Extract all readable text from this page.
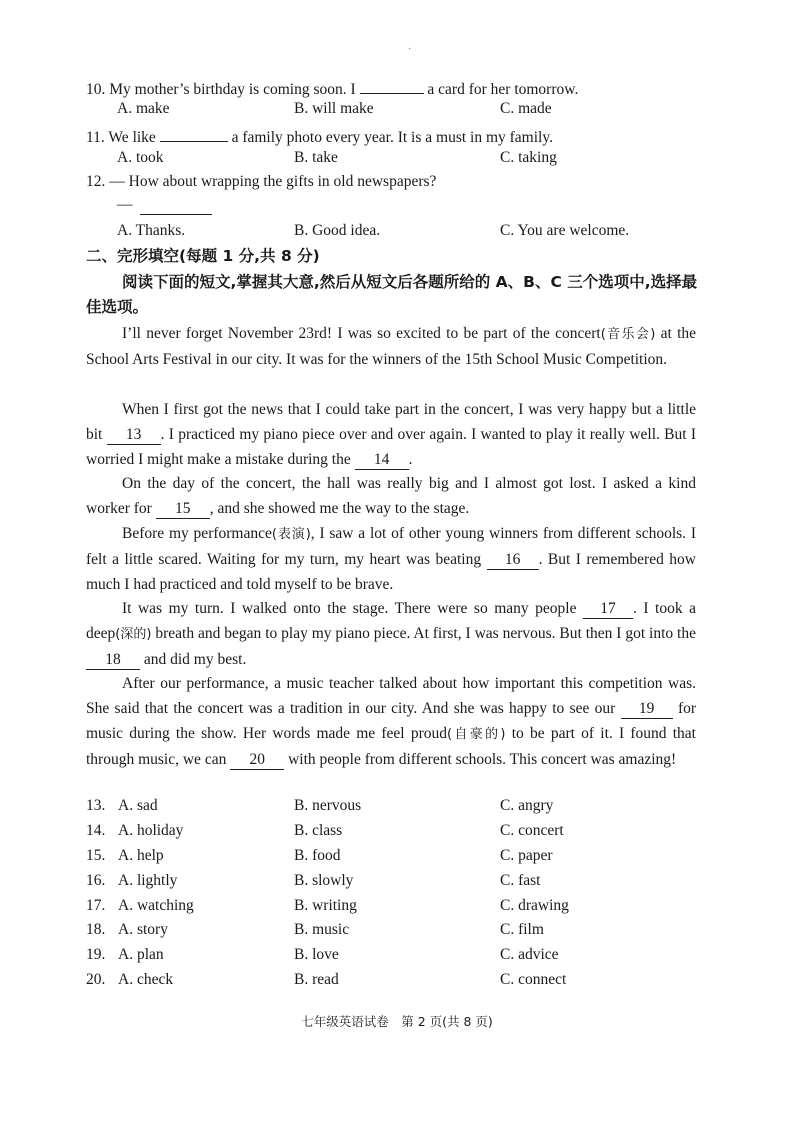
·
10. My mother’s birthday is coming soon. I	a card for her tomorrow.
A. make	B. will make	C. made
11. We like	a family photo every year. It is a must in my family.
A. took	B. take	C. taking
12. — How about wrapping the gifts in old newspapers?
—
A. Thanks.	B. Good idea.	C. You are welcome.
二、完形填空(每题 1 分,共 8 分)
阅读下面的短文,掌握其大意,然后从短文后各题所给的 A、B、C 三个选项中,选择最佳选项。
I’ll never forget November 23rd! I was so excited to be part of the concert(音乐会) at the School Arts Festival in our city. It was for the winners of the 15th School Music Competition.
When I first got the news that I could take part in the concert, I was very happy but a little bit 13 . I practiced my piano piece over and over again. I wanted to play it really well. But I worried I might make a mistake during the 14 .
On the day of the concert, the hall was really big and I almost got lost. I asked a kind worker for 15 , and she showed me the way to the stage.
Before my performance(表演), I saw a lot of other young winners from different schools. I felt a little scared. Waiting for my turn, my heart was beating 16 . But I remembered how much I had practiced and told myself to be brave.
It was my turn. I walked onto the stage. There were so many people 17 . I took a deep(深的) breath and began to play my piano piece. At first, I was nervous. But then I got into the 18 and did my best.
After our performance, a music teacher talked about how important this competition was. She said that the concert was a tradition in our city. And she was happy to see our 19 for music during the show. Her words made me feel proud(自豪的) to be part of it. I found that through music, we can 20 with people from different schools. This concert was amazing!
13. A. sad	B. nervous	C. angry
14. A. holiday	B. class	C. concert
15. A. help	B. food	C. paper
16. A. lightly	B. slowly	C. fast
17. A. watching	B. writing	C. drawing
18. A. story	B. music	C. film
19. A. plan	B. love	C. advice
20. A. check	B. read	C. connect
七年级英语试卷　第 2 页(共 8 页)
